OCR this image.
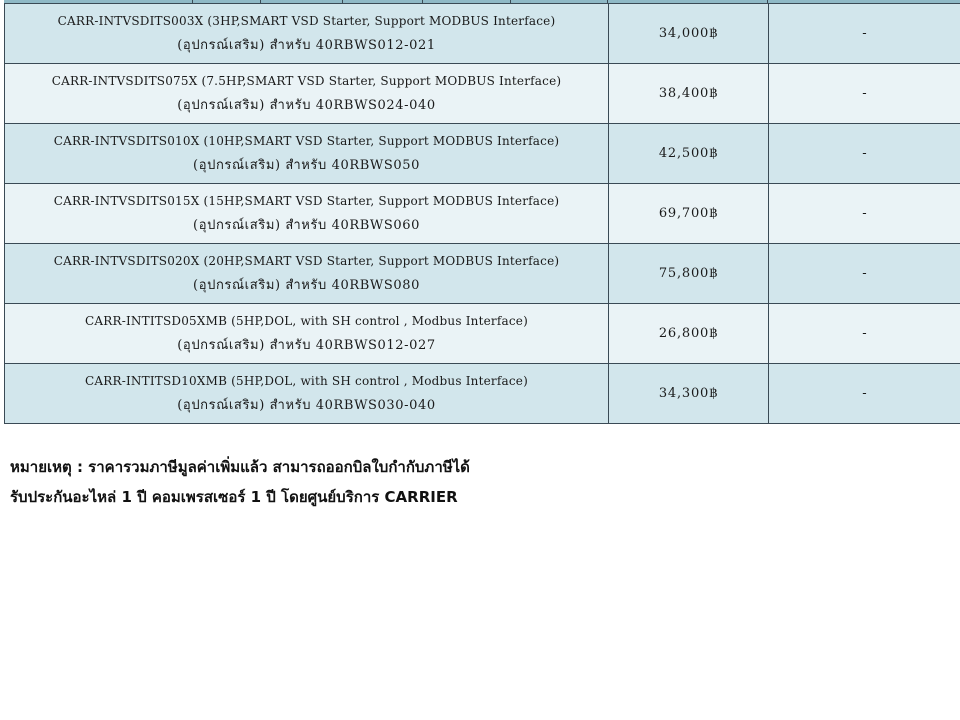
CARR-INTVSDITS003X (3HP,SMART VSD Starter, Support MODBUS Interface)
(อุปกรณ์เสริม) สำหรับ 40RBWS012-021	34,000฿	-

CARR-INTVSDITS075X (7.5HP,SMART VSD Starter, Support MODBUS Interface)
(อุปกรณ์เสริม) สำหรับ 40RBWS024-040	38,400฿	-

CARR-INTVSDITS010X (10HP,SMART VSD Starter, Support MODBUS Interface)
(อุปกรณ์เสริม) สำหรับ 40RBWS050	42,500฿	-

CARR-INTVSDITS015X (15HP,SMART VSD Starter, Support MODBUS Interface)
(อุปกรณ์เสริม) สำหรับ 40RBWS060	69,700฿	-

CARR-INTVSDITS020X (20HP,SMART VSD Starter, Support MODBUS Interface)
(อุปกรณ์เสริม) สำหรับ 40RBWS080	75,800฿	-

CARR-INTITSD05XMB (5HP,DOL, with SH control , Modbus Interface)
(อุปกรณ์เสริม) สำหรับ 40RBWS012-027	26,800฿	-

CARR-INTITSD10XMB (5HP,DOL, with SH control , Modbus Interface)
(อุปกรณ์เสริม) สำหรับ 40RBWS030-040	34,300฿	-
หมายเหตุ : ราคารวมภาษีมูลค่าเพิ่มแล้ว สามารถออกบิลใบกำกับภาษีได้
รับประกันอะไหล่ 1 ปี คอมเพรสเซอร์ 1 ปี โดยศูนย์บริการ CARRIER
